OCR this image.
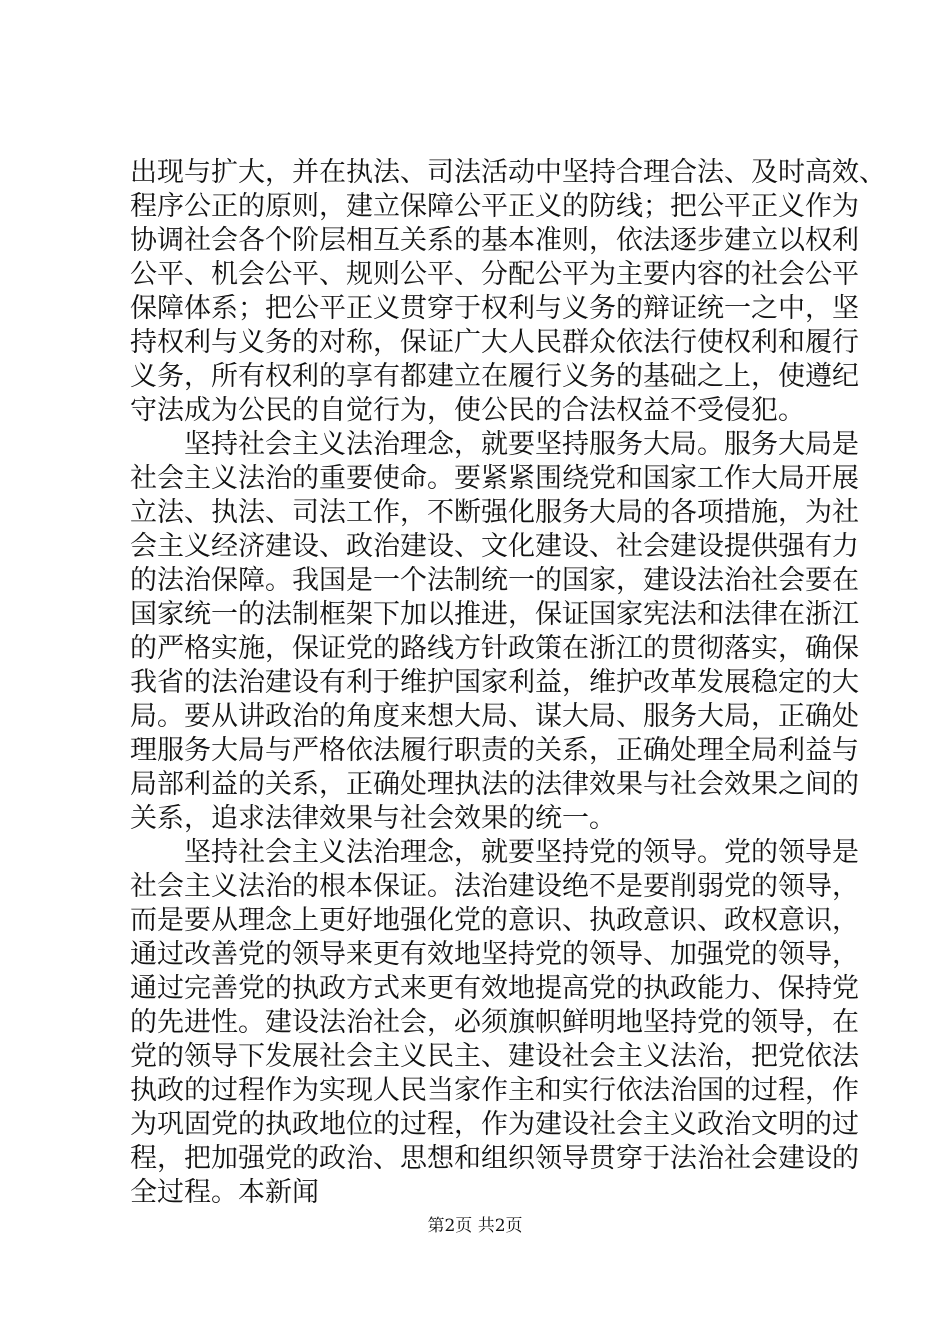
出现与扩大，并在执法、司法活动中坚持合理合法、及时高效、
程序公正的原则，建立保障公平正义的防线；把公平正义作为
协调社会各个阶层相互关系的基本准则，依法逐步建立以权利
公平、机会公平、规则公平、分配公平为主要内容的社会公平
保障体系；把公平正义贯穿于权利与义务的辩证统一之中，坚
持权利与义务的对称，保证广大人民群众依法行使权利和履行
义务，所有权利的享有都建立在履行义务的基础之上，使遵纪
守法成为公民的自觉行为，使公民的合法权益不受侵犯。
　　坚持社会主义法治理念，就要坚持服务大局。服务大局是
社会主义法治的重要使命。要紧紧围绕党和国家工作大局开展
立法、执法、司法工作，不断强化服务大局的各项措施，为社
会主义经济建设、政治建设、文化建设、社会建设提供强有力
的法治保障。我国是一个法制统一的国家，建设法治社会要在
国家统一的法制框架下加以推进，保证国家宪法和法律在浙江
的严格实施，保证党的路线方针政策在浙江的贯彻落实，确保
我省的法治建设有利于维护国家利益，维护改革发展稳定的大
局。要从讲政治的角度来想大局、谋大局、服务大局，正确处
理服务大局与严格依法履行职责的关系，正确处理全局利益与
局部利益的关系，正确处理执法的法律效果与社会效果之间的
关系，追求法律效果与社会效果的统一。
　　坚持社会主义法治理念，就要坚持党的领导。党的领导是
社会主义法治的根本保证。法治建设绝不是要削弱党的领导，
而是要从理念上更好地强化党的意识、执政意识、政权意识，
通过改善党的领导来更有效地坚持党的领导、加强党的领导，
通过完善党的执政方式来更有效地提高党的执政能力、保持党
的先进性。建设法治社会，必须旗帜鲜明地坚持党的领导，在
党的领导下发展社会主义民主、建设社会主义法治，把党依法
执政的过程作为实现人民当家作主和实行依法治国的过程，作
为巩固党的执政地位的过程，作为建设社会主义政治文明的过
程，把加强党的政治、思想和组织领导贯穿于法治社会建设的
全过程。本新闻
第2页 共2页
